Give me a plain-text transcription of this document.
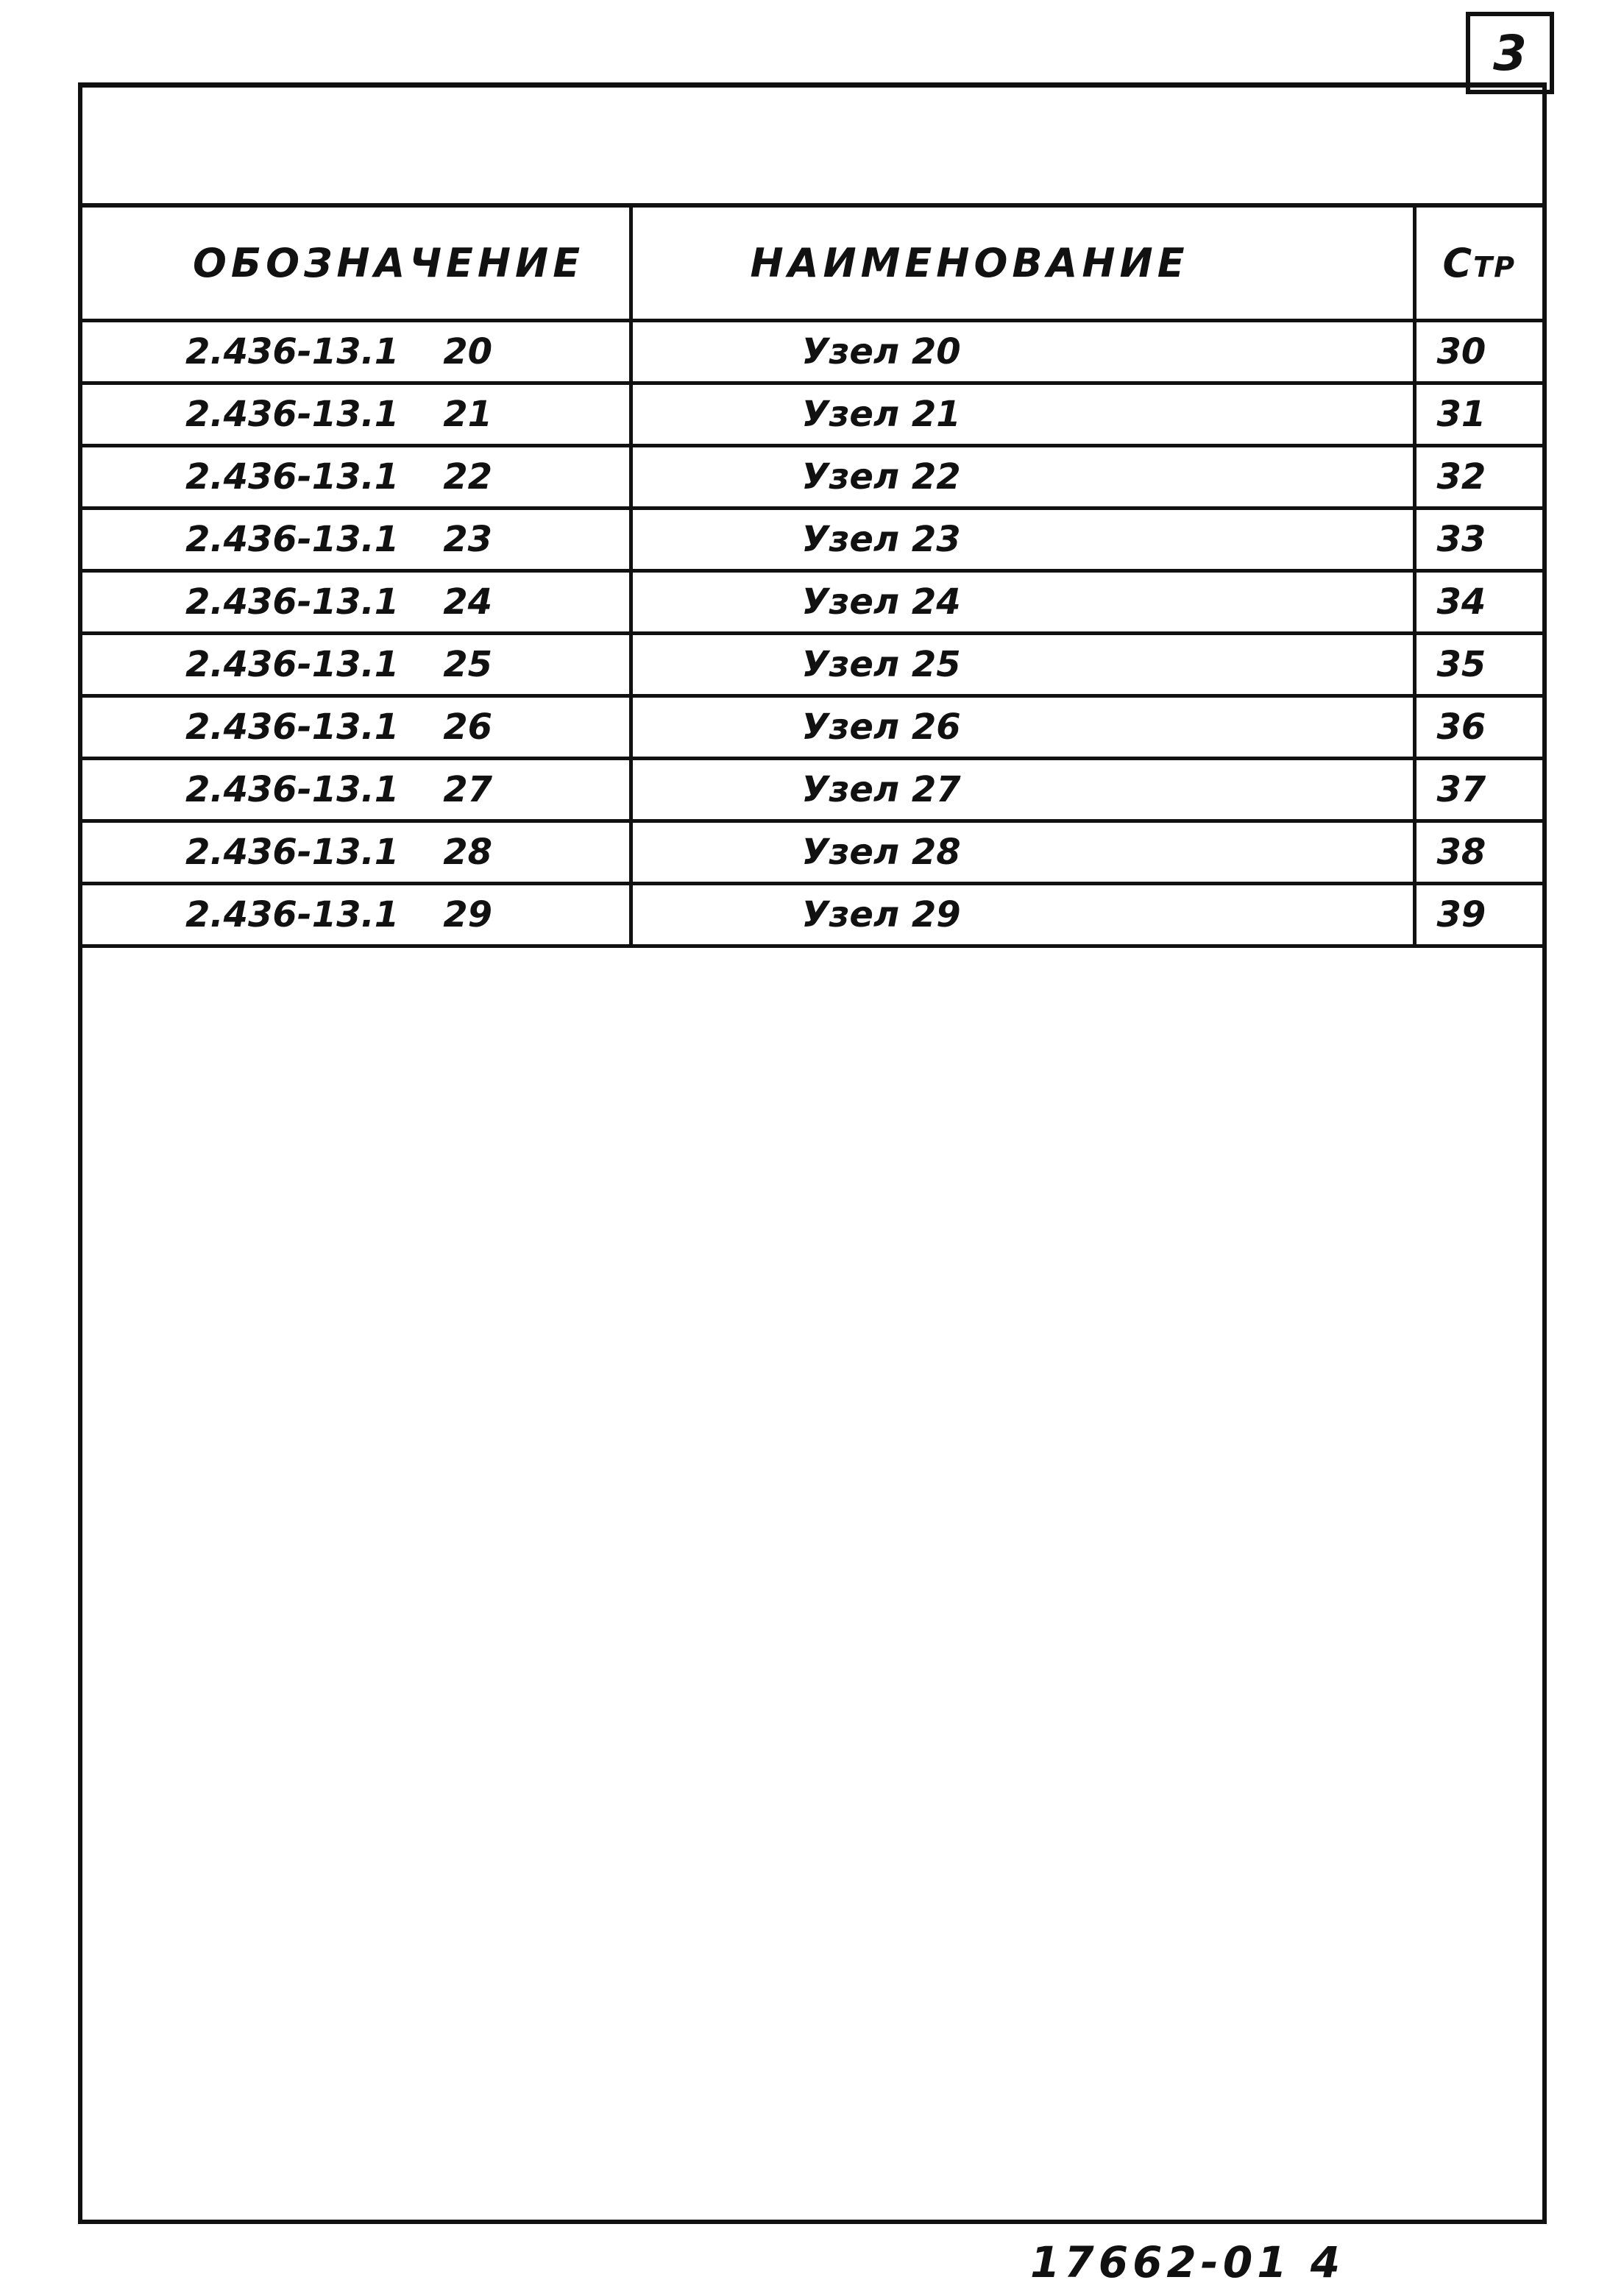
3
ОБОЗНАЧЕНИЕ	НАИМЕНОВАНИЕ	Стр
2.436-13.1 20	Узел 20	30
2.436-13.1 21	Узел 21	31
2.436-13.1 22	Узел 22	32
2.436-13.1 23	Узел 23	33
2.436-13.1 24	Узел 24	34
2.436-13.1 25	Узел 25	35
2.436-13.1 26	Узел 26	36
2.436-13.1 27	Узел 27	37
2.436-13.1 28	Узел 28	38
2.436-13.1 29	Узел 29	39
17662-01 4
